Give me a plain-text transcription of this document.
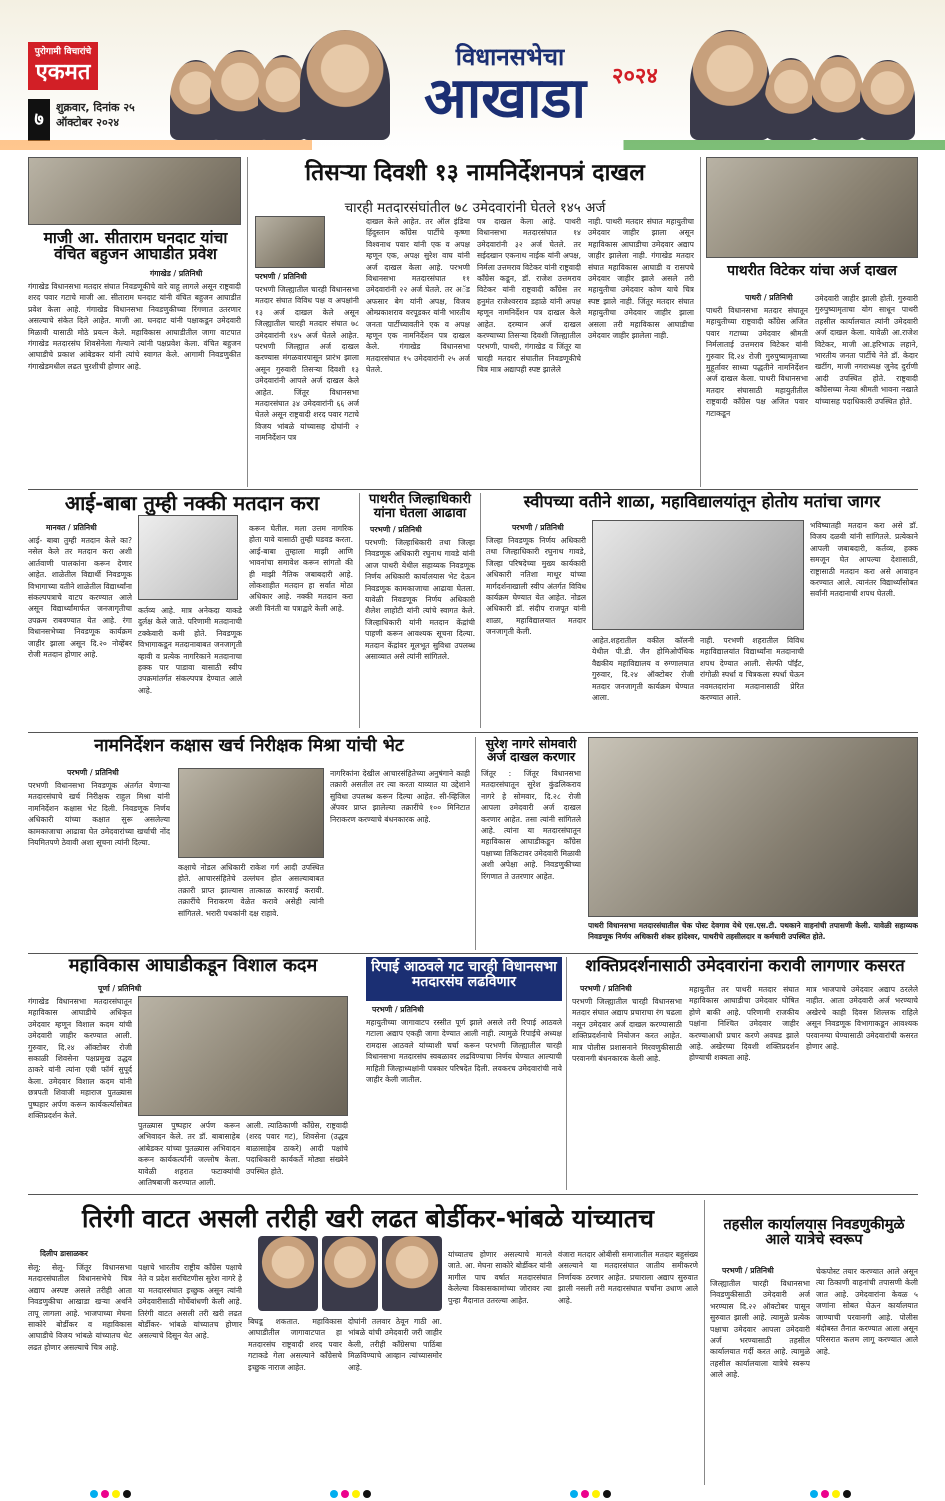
पुरोगामी विचारांचे
एकमत
७
शुक्रवार, दिनांक २५ ऑक्टोबर २०२४
विधानसभेचा
आखाडा	२०२४
माजी आ. सीताराम घनदाट यांचा वंचित बहुजन आघाडीत प्रवेश
गंगाखेड / प्रतिनिधी
गंगाखेड विधानसभा मतदार संघात निवडणूकीचे वारे वाहू लागले असून राष्ट्रवादी शरद पवार गटाचे माजी आ. सीताराम घनदाट यांनी वंचित बहुजन आघाडीत प्रवेश केला आहे. गंगाखेड विधानसभा निवडणुकीच्या रिंगणात उतरणार असल्याचे संकेत दिले आहेत. माजी आ. घनदाट यांनी पक्षाकडून उमेदवारी मिळावी यासाठी मोठे प्रयत्न केले. महाविकास आघाडीतील जागा वाटपात गंगाखेड मतदारसंघ शिवसेनेला गेल्याने त्यांनी पक्षप्रवेश केला. वंचित बहुजन आघाडीचे प्रकाश आंबेडकर यांनी त्यांचे स्वागत केले. आगामी निवडणुकीत गंगाखेडमधील लढत चुरशीची होणार आहे.
तिसऱ्या दिवशी १३ नामनिर्देशनपत्रं दाखल
चारही मतदारसंघांतील ७८ उमेदवारांनी घेतले १४५ अर्ज
परभणी / प्रतिनिधी
परभणी जिल्ह्यातील चारही विधानसभा मतदार संघात विविध पक्ष व अपक्षांनी १३ अर्ज दाखल केले असून जिल्ह्यातील चारही मतदार संघात ७८ उमेदवारांनी १४५ अर्ज घेतले आहेत. परभणी जिल्ह्यात अर्ज दाखल करण्यास मंगळवारपासून प्रारंभ झाला असून गुरुवारी तिसऱ्या दिवशी १३ उमेदवारांनी आपले अर्ज दाखल केले आहेत. जिंतूर विधानसभा मतदारसंघात ३४ उमेदवारांनी ६६ अर्ज घेतले असून राष्ट्रवादी शरद पवार गटाचे विजय भांबळे यांच्यासह दोघांनी २ नामनिर्देशन पत्र
दाखल केले आहेत. तर ऑल इंडिया हिंदुस्तान काँग्रेस पार्टीचे कृष्णा विश्वनाथ पवार यांनी एक व अपक्ष म्हणून एक, अपक्ष सुरेश वाघ यांनी अर्ज दाखल केला आहे. परभणी विधानसभा मतदारसंघात ११ उमेदवारांनी २२ अर्ज घेतले. तर अॅड अफसार बेग यांनी अपक्ष, विजय ओम्प्रकाशराव वरपूडकर यांनी भारतीय जनता पार्टीच्यावतीने एक व अपक्ष म्हणून एक नामनिर्देशन पत्र दाखल केले. गंगाखेड विधानसभा मतदारसंघात १५ उमेदवारांनी २५ अर्ज घेतले.
पत्र दाखल केला आहे. पाथरी विधानसभा मतदारसंघात १४ उमेदवारांनी ३२ अर्ज घेतले. तर सईदखान एकनाथ नाईक यांनी अपक्ष, निर्मला उत्तमराव विटेकर यांनी राष्ट्रवादी काँग्रेस कडून, डॉ. राजेश उत्तमराव विटेकर यांनी राष्ट्रवादी काँग्रेस तर हनुमंत राजेश्वरराव डहाळे यांनी अपक्ष म्हणून नामनिर्देशन पत्र दाखल केले आहेत. दरम्यान अर्ज दाखल करण्याच्या तिसऱ्या दिवशी जिल्ह्यातील परभणी, पाथरी, गंगाखेड व जिंतूर या चारही मतदार संघातील निवडणूकीचे चित्र मात्र अद्यापही स्पष्ट झालेले
नाही. पाथरी मतदार संघात महायुतीचा उमेदवार जाहीर झाला असून महाविकास आघाडीचा उमेदवार अद्याप जाहीर झालेला नाही. गंगाखेड मतदार संघात महाविकास आघाडी व रासपचे उमेदवार जाहीर झाले असले तरी महायुतीचा उमेदवार कोण याचे चित्र स्पष्ट झाले नाही. जिंतूर मतदार संघात महायुतीचा उमेदवार जाहीर झाला असला तरी महाविकास आघाडीचा उमेदवार जाहीर झालेला नाही.
पाथरीत विटेकर यांचा अर्ज दाखल
पाथरी / प्रतिनिधी
पाथरी विधानसभा मतदार संघातून महायुतीच्या राष्ट्रवादी काँग्रेस अजित पवार गटाच्या उमेदवार श्रीमती निर्मलाताई उत्तमराव विटेकर यांनी गुरुवार दि.२४ रोजी गुरुपुष्यामृताच्या मुहूर्तावर साध्या पद्धतीने नामनिर्देशन अर्ज दाखल केला. पाथरी विधानसभा मतदार संघासाठी महायुतीतील राष्ट्रवादी काँग्रेस पक्ष अजित पवार गटाकडून
उमेदवारी जाहीर झाली होती. गुरुवारी गुरुपुष्यामृताचा योग साधून पाथरी तहसील कार्यालयात त्यांनी उमेदवारी अर्ज दाखल केला. यावेळी आ.राजेश विटेकर, माजी आ.हरिभाऊ लहाने, भारतीय जनता पार्टीचे नेते डॉ. केदार खटींग, माजी नगराध्यक्ष जुनेद दुर्राणी आदी उपस्थित होते. राष्ट्रवादी काँग्रेसच्या नेत्या श्रीमती भावना नखाते यांच्यासह पदाधिकारी उपस्थित होते.
आई-बाबा तुम्ही नक्की मतदान करा
मानवत / प्रतिनिधी
आई- बाबा तुम्ही मतदान केले का? नसेल केले तर मतदान करा अशी आर्तवाणी पालकांना करून देणार आहेत. शाळेतील विद्यार्थी निवडणूक विभागाच्या वतीने शाळेतील विद्यार्थ्यांना संकल्पपत्राचे वाटप करण्यात आले असून विद्यार्थ्यांमार्फत जनजागृतीचा उपक्रम राबवण्यात येत आहे. रंगा विधानसभेच्या निवडणूक कार्यक्रम जाहीर झाला असून दि.२० नोव्हेंबर रोजी मतदान होणार आहे.
कर्तव्य आहे. मात्र अनेकदा याकडे दुर्लक्ष केले जाते. परिणामी मतदानाची टक्केवारी कमी होते. निवडणूक विभागाकडून मतदानाबाबत जनजागृती व्हावी व प्रत्येक नागरिकाने मतदानाचा हक्क पार पाडावा यासाठी स्वीप उपक्रमांतर्गत संकल्पपत्र देण्यात आले आहे.
करून घेतील. मला उत्तम नागरिक होता यावे यासाठी तुम्ही घडवड करता. आई-बाबा तुम्हाला माझी आणि भावनांचा समावेश करून सांगतो की ही माझी नैतिक जबाबदारी आहे. लोकशाहीत मतदान हा सर्वात मोठा अधिकार आहे. नक्की मतदान करा अशी विनंती या पत्राद्वारे केली आहे.
पाथरीत जिल्हाधिकारी यांना घेतला आढावा
परभणी / प्रतिनिधी
परभणी: जिल्हाधिकारी तथा जिल्हा निवडणूक अधिकारी रघुनाथ गावडे यांनी आज पाथरी येथील सहाय्यक निवडणूक निर्णय अधिकारी कार्यालयास भेट देऊन निवडणूक कामकाजाचा आढावा घेतला. यावेळी निवडणूक निर्णय अधिकारी शैलेश लाहोटी यांनी त्यांचे स्वागत केले. जिल्हाधिकारी यांनी मतदान केंद्रांची पाहणी करून आवश्यक सूचना दिल्या. मतदान केंद्रांवर मूलभूत सुविधा उपलब्ध असाव्यात असे त्यांनी सांगितले.
स्वीपच्या वतीने शाळा, महाविद्यालयांतून होतोय मतांचा जागर
परभणी / प्रतिनिधी
जिल्हा निवडणूक निर्णय अधिकारी तथा जिल्हाधिकारी रघुनाथ गावडे, जिल्हा परिषदेच्या मुख्य कार्यकारी अधिकारी नतिशा माथूर यांच्या मार्गदर्शनाखाली स्वीप अंतर्गत विविध कार्यक्रम घेण्यात येत आहेत. नोडल अधिकारी डॉ. संदीप राजपूत यांनी शाळा, महाविद्यालयात मतदार जनजागृती केली.
आहेत.शहरातील वकील कॉलनी येथील पी.डी. जैन होमिओपॅथिक वैद्यकीय महाविद्यालय व रुग्णालयात गुरुवार, दि.२४ ऑक्टोबर रोजी मतदार जनजागृती कार्यक्रम घेण्यात आला.
नाही. परभणी शहरातील विविध महाविद्यालयांत विद्यार्थ्यांना मतदानाची शपथ देण्यात आली. सेल्फी पॉईंट, रांगोळी स्पर्धा व चित्रकला स्पर्धा घेऊन नवमतदारांना मतदानासाठी प्रेरित करण्यात आले.
भविष्यातही मतदान करा असे डॉ. विजय दळवी यांनी सांगितले. प्रत्येकाने आपली जबाबदारी, कर्तव्य, हक्क समजून घेत आपल्या देशासाठी, राष्ट्रासाठी मतदान करा असे आवाहन करण्यात आले. त्यानंतर विद्यार्थ्यांसोबत सर्वांनी मतदानाची शपथ घेतली.
नामनिर्देशन कक्षास खर्च निरीक्षक मिश्रा यांची भेट
परभणी / प्रतिनिधी
परभणी विधानसभा निवडणूक अंतर्गत येणाऱ्या मतदारसंघाचे खर्च निरीक्षक राहुल मिश्रा यांनी नामनिर्देशन कक्षास भेट दिली. निवडणूक निर्णय अधिकारी यांच्या कक्षात सुरू असलेल्या कामकाजाचा आढावा घेत उमेदवारांच्या खर्चाची नोंद नियमितपणे ठेवावी अशा सूचना त्यांनी दिल्या.
कक्षाचे नोडल अधिकारी राकेश गर्ग आदी उपस्थित होते. आचारसंहितेचे उल्लंघन होत असल्याबाबत तक्रारी प्राप्त झाल्यास तात्काळ कारवाई करावी. तक्रारींचे निराकरण वेळेत करावे असेही त्यांनी सांगितले. भरारी पथकांनी दक्ष राहावे.
नागरिकांना देखील आचारसंहितेच्या अनुषंगाने काही तक्रारी असतील तर त्या करता याव्यात या उद्देशाने सुविधा उपलब्ध करून दिल्या आहेत. सी-व्हिजिल ॲपवर प्राप्त झालेल्या तक्रारींचे १०० मिनिटात निराकरण करण्याचे बंधनकारक आहे.
सुरेश नागरे सोमवारी अर्ज दाखल करणार
जिंतूर : जिंतूर विधानसभा मतदारसंघातून सुरेश कुंडलिकराव नागरे हे सोमवार, दि.२८ रोजी आपला उमेदवारी अर्ज दाखल करणार आहेत. तसा त्यांनी सांगितले आहे. त्यांना या मतदारसंघातून महाविकास आघाडीकडून काँग्रेस पक्षाच्या तिकिटावर उमेदवारी मिळावी अशी अपेक्षा आहे. निवडणुकीच्या रिंगणात ते उतरणार आहेत.
पाथरी विधानसभा मतदारसंघातील चेक पोस्ट देवगाव येथे एस.एस.टी. पथकाने वाहनांची तपासणी केली. यावेळी सहाय्यक निवडणूक निर्णय अधिकारी शंकर हांदेश्वर, पाथरीचे तहसीलदार व कर्मचारी उपस्थित होते.
महाविकास आघाडीकडून विशाल कदम
पूर्णा / प्रतिनिधी
गंगाखेड विधानसभा मतदारसंघातून महाविकास आघाडीचे अधिकृत उमेदवार म्हणून विशाल कदम यांची उमेदवारी जाहीर करण्यात आली. गुरुवार, दि.२४ ऑक्टोबर रोजी सकाळी शिवसेना पक्षप्रमुख उद्धव ठाकरे यांनी त्यांना एबी फॉर्म सुपूर्द केला. उमेदवार विशाल कदम यांनी छत्रपती शिवाजी महाराज पुतळ्यास पुष्पहार अर्पण करून कार्यकर्त्यांसोबत शक्तिप्रदर्शन केले.
पुतळ्यास पुष्पहार अर्पण करून अभिवादन केले. तर डॉ. बाबासाहेब आंबेडकर यांच्या पुतळ्यास अभिवादन करून कार्यकर्त्यांनी जल्लोष केला. यावेळी शहरात फटाक्यांची आतिषबाजी करण्यात आली.
आली. त्याठिकाणी काँग्रेस, राष्ट्रवादी (शरद पवार गट), शिवसेना (उद्धव बाळासाहेब ठाकरे) आदी पक्षांचे पदाधिकारी कार्यकर्ते मोठ्या संख्येने उपस्थित होते.
रिपाई आठवले गट चारही विधानसभा मतदारसंघ लढविणार
परभणी / प्रतिनिधी
महायुतीच्या जागावाटप रस्सीत पूर्ण झाले असले तरी रिपाई आठवले गटाला अद्याप एकही जागा देण्यात आली नाही. त्यामुळे रिपाईचे अध्यक्ष रामदास आठवले यांच्याशी चर्चा करून परभणी जिल्ह्यातील चारही विधानसभा मतदारसंघ स्वबळावर लढविण्याचा निर्णय घेण्यात आल्याची माहिती जिल्हाध्यक्षांनी पत्रकार परिषदेत दिली. लवकरच उमेदवारांची नावे जाहीर केली जातील.
शक्तिप्रदर्शनासाठी उमेदवारांना करावी लागणार कसरत
परभणी / प्रतिनिधी
परभणी जिल्ह्यातील चारही विधानसभा मतदार संघात अद्याप प्रचाराचा रंग चढला नसून उमेदवार अर्ज दाखल करण्यासाठी शक्तिप्रदर्शनाचे नियोजन करत आहेत. मात्र पोलीस प्रशासनाने मिरवणुकीसाठी परवानगी बंधनकारक केली आहे.
महायुतीत तर पाथरी मतदार संघात महाविकास आघाडीचा उमेदवार घोषित होणे बाकी आहे. परिणामी राजकीय पक्षांना निश्चित उमेदवार जाहीर करण्याआधी प्रचार करणे अवघड झाले आहे. अखेरच्या दिवशी शक्तिप्रदर्शन होण्याची शक्यता आहे.
मात्र भाजपाचे उमेदवार अद्याप ठरलेले नाहीत. आता उमेदवारी अर्ज भरण्याचे अखेरचे काही दिवस शिल्लक राहिले असून निवडणूक विभागाकडून आवश्यक परवानग्या घेण्यासाठी उमेदवारांची कसरत होणार आहे.
तिरंगी वाटत असली तरीही खरी लढत बोर्डीकर-भांबळे यांच्यातच
दिलीप डासाळकर
सेलू: सेलू- जिंतूर विधानसभा मतदारसंघातील विधानसभेचे चित्र अद्याप अस्पष्ट असले तरीही आता निवडणुकीचा आखाडा खऱ्या अर्थाने तापू लागला आहे. भाजपाच्या मेघना साकोरे बोर्डीकर व महाविकास आघाडीचे विजय भांबळे यांच्यातच थेट लढत होणार असल्याचे चित्र आहे.
पक्षाचे भारतीय राष्ट्रीय काँग्रेस पक्षाचे नेते व प्रदेश सरचिटणीस सुरेश नागरे हे या मतदारसंघात इच्छुक असून त्यांनी उमेदवारीसाठी मोर्चेबांधणी केली आहे. तिरंगी वाटत असली तरी खरी लढत बोर्डीकर- भांबळे यांच्यातच होणार असल्याचे दिसून येत आहे.
बिघडू शकतात. महाविकास आघाडीतील जागावाटपात हा मतदारसंघ राष्ट्रवादी शरद पवार गटाकडे गेला असल्याने काँग्रेसचे इच्छुक नाराज आहेत.
दोघांनी तलवार ठेवून गाठी आ. भांबळे यांची उमेदवारी जरी जाहीर केली, तरीही काँग्रेसचा पाठिंबा मिळविण्याचे आव्हान त्यांच्यासमोर आहे.
यांच्यातच होणार असल्याचे मानले जाते. आ. मेघना साकोरे बोर्डीकर यांनी मागील पाच वर्षात मतदारसंघात केलेल्या विकासकामांच्या जोरावर त्या पुन्हा मैदानात उतरल्या आहेत.
वंजारा मतदार ओबीसी समाजातील मतदार बहुसंख्य असल्याने या मतदारसंघात जातीय समीकरणे निर्णायक ठरणार आहेत. प्रचाराला अद्याप सुरुवात झाली नसली तरी मतदारसंघात चर्चांना उधाण आले आहे.
तहसील कार्यालयास निवडणुकीमुळे आले यात्रेचे स्वरूप
परभणी / प्रतिनिधी
जिल्ह्यातील चारही विधानसभा निवडणुकीसाठी उमेदवारी अर्ज भरण्यास दि.२२ ऑक्टोबर पासून सुरुवात झाली आहे. त्यामुळे प्रत्येक पक्षाचा उमेदवार आपला उमेदवारी अर्ज भरण्यासाठी तहसील कार्यालयात गर्दी करत आहे. त्यामुळे तहसील कार्यालयाला यात्रेचे स्वरूप आले आहे.
चेकपोस्ट तयार करण्यात आले असून त्या ठिकाणी वाहनांची तपासणी केली जात आहे. उमेदवारांना केवळ ५ जणांना सोबत घेऊन कार्यालयात जाण्याची परवानगी आहे. पोलीस बंदोबस्त तैनात करण्यात आला असून परिसरात कलम लागू करण्यात आले आहे.
